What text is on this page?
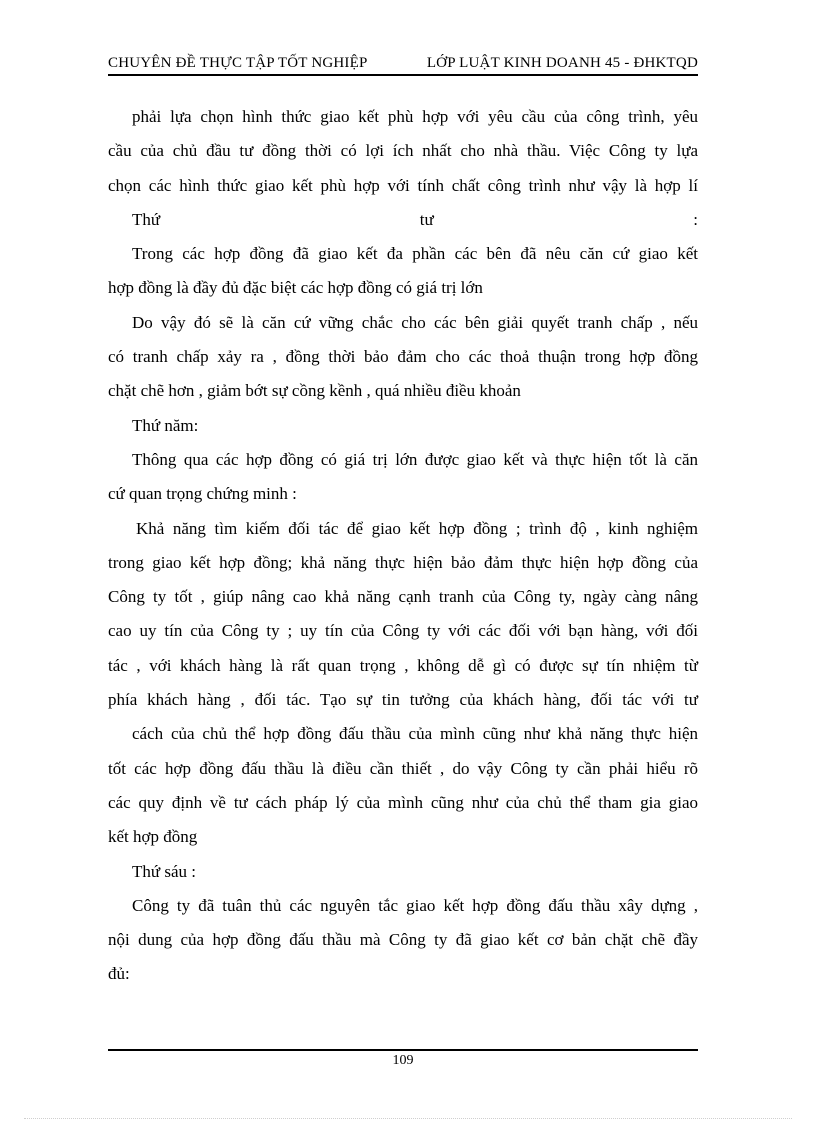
CHUYÊN ĐỀ THỰC TẬP TỐT NGHIỆP	LỚP LUẬT KINH DOANH 45 - ĐHKTQD
phải lựa chọn hình thức giao kết phù hợp với yêu cầu của công trình, yêu
cầu của chủ đầu tư đồng thời có lợi ích nhất cho nhà thầu. Việc Công ty lựa
chọn các hình thức giao kết phù hợp với tính chất công trình như vậy là hợp lí
Thứ tư :
Trong các hợp đồng đã giao kết đa phần các bên đã nêu căn cứ giao kết
hợp đồng là đầy đủ đặc biệt các hợp đồng có giá trị lớn
Do vậy đó sẽ là căn cứ vững chắc cho các bên giải quyết tranh chấp , nếu
có tranh chấp xảy ra , đồng thời bảo đảm cho các thoả thuận trong hợp đồng
chặt chẽ hơn , giảm bớt sự cồng kềnh , quá nhiều điều khoản
Thứ năm:
Thông qua các hợp đồng có giá trị lớn được giao kết và thực hiện tốt là căn
cứ quan trọng chứng minh :
Khả năng tìm kiếm đối tác để giao kết hợp đồng ; trình độ , kinh nghiệm
trong giao kết hợp đồng; khả năng thực hiện bảo đảm thực hiện hợp đồng của
Công ty tốt , giúp nâng cao khả năng cạnh tranh của Công ty, ngày càng nâng
cao uy tín của Công ty ; uy tín của Công ty với các đối với bạn hàng, với đối
tác , với khách hàng là rất quan trọng , không dễ gì có được sự tín nhiệm từ
phía khách hàng , đối tác. Tạo sự tin tưởng của khách hàng, đối tác với tư
cách của chủ thể hợp đồng đấu thầu của mình cũng như khả năng thực hiện
tốt các hợp đồng đấu thầu là điều cần thiết , do vậy Công ty cần phải hiểu rõ
các quy định về tư cách pháp lý của mình cũng như của chủ thể tham gia giao
kết hợp đồng
Thứ sáu :
Công ty đã tuân thủ các nguyên tắc giao kết hợp đồng đấu thầu xây dựng ,
nội dung của hợp đồng đấu thầu mà Công ty đã giao kết cơ bản chặt chẽ đầy
đủ:
109
